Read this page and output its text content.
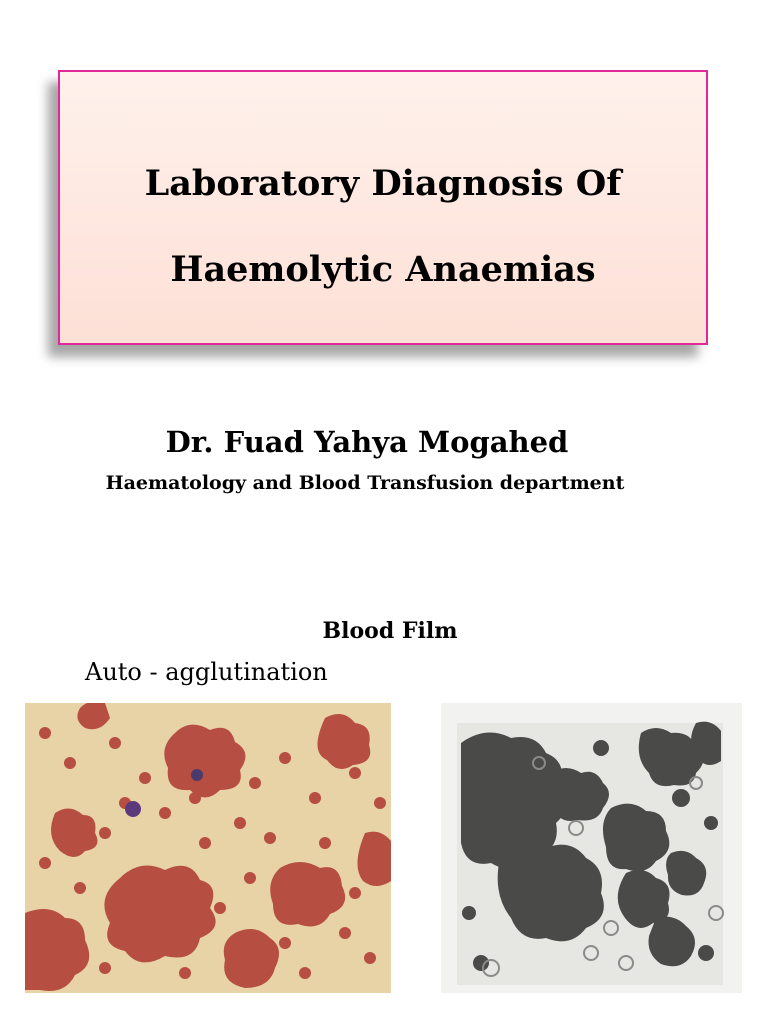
Laboratory Diagnosis Of
Haemolytic Anaemias
Dr. Fuad Yahya Mogahed
Haematology and Blood Transfusion department
Blood Film
Auto - agglutination
